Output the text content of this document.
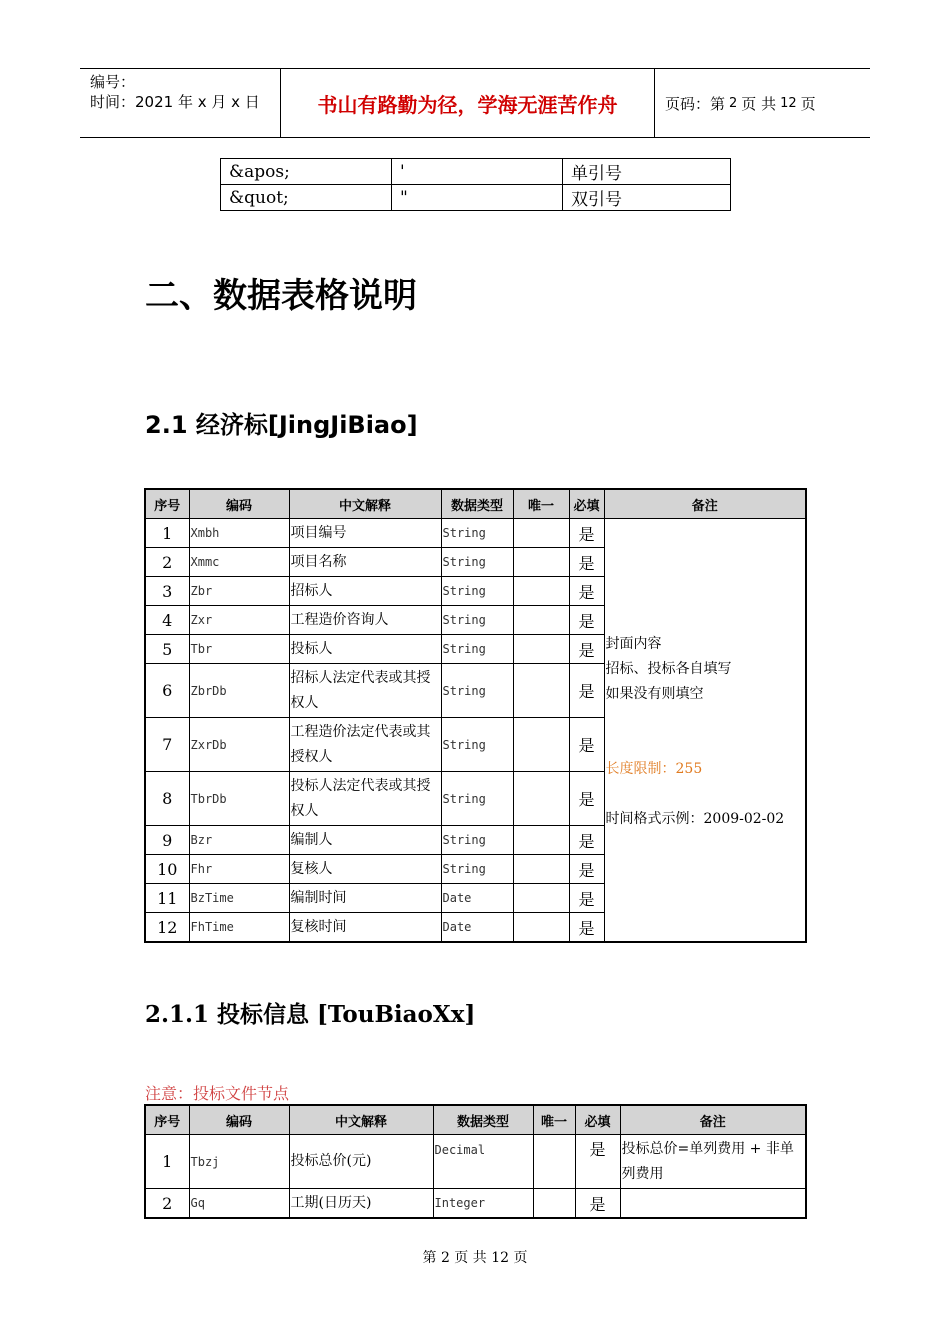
编号：
时间：2021 年 x 月 x 日	书山有路勤为径，学海无涯苦作舟	页码：第 2 页 共 12 页
&apos;	'	单引号
&quot;	"	双引号
二、数据表格说明
2.1 经济标[JingJiBiao]
序号	编码	中文解释	数据类型	唯一	必填	备注
1	Xmbh	项目编号	String		是	封面内容
招标、投标各自填写
如果没有则填空
长度限制：255
时间格式示例：2009-02-02

2	Xmmc	项目名称	String		是	
3	Zbr	招标人	String		是	
4	Zxr	工程造价咨询人	String		是	
5	Tbr	投标人	String		是	
6	ZbrDb	招标人法定代表或其授权人	String		是	
7	ZxrDb	工程造价法定代表或其授权人	String		是	
8	TbrDb	投标人法定代表或其授权人	String		是	
9	Bzr	编制人	String		是	
10	Fhr	复核人	String		是	
11	BzTime	编制时间	Date		是	
12	FhTime	复核时间	Date		是	
2.1.1 投标信息 [TouBiaoXx]
注意：投标文件节点
序号	编码	中文解释	数据类型	唯一	必填	备注
1	Tbzj	投标总价(元)	Decimal		是	投标总价=单列费用 + 非单列费用
2	Gq	工期(日历天)	Integer		是	
第 2 页 共 12 页
